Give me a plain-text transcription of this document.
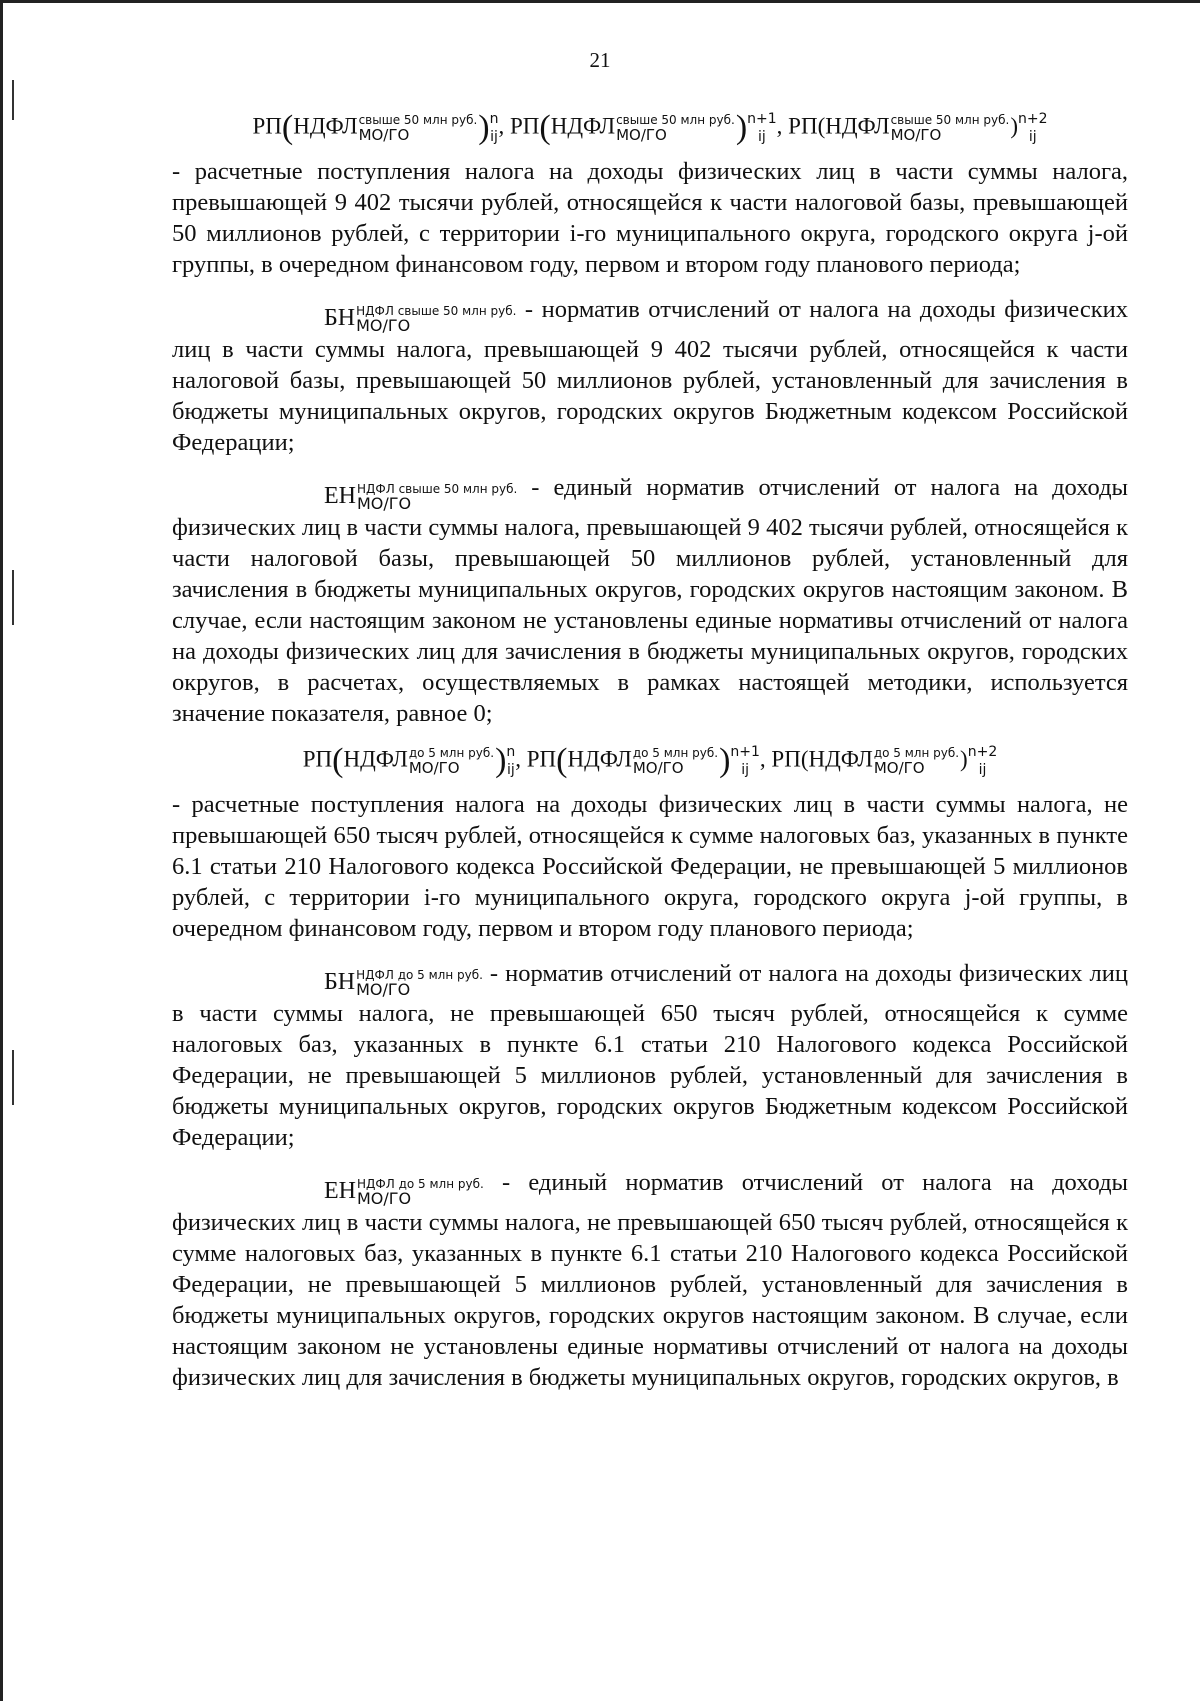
21
РП(НДФЛ свыше 50 млн руб.
МО/ГО	) n
ij , РП(НДФЛ свыше 50 млн руб.
МО/ГО	) n+1
ij , РП(НДФЛ свыше 50 млн руб.
МО/ГО	) n+2
ij

- расчетные поступления налога на доходы физических лиц в части суммы налога, превышающей 9 402 тысячи рублей, относящейся к части налоговой базы, превышающей 50 миллионов рублей, с территории i-го муниципального округа, городского округа j-ой группы, в очередном финансовом году, первом и втором году планового периода;

БН НДФЛ свыше 50 млн руб.
МО/ГО
- норматив отчислений от налога на доходы физических лиц в части суммы налога, превышающей 9 402 тысячи рублей, относящейся к части налоговой базы, превышающей 50 миллионов рублей, установленный для зачисления в бюджеты муниципальных округов, городских округов Бюджетным кодексом Российской Федерации;

ЕН НДФЛ свыше 50 млн руб.
МО/ГО
- единый норматив отчислений от налога на доходы физических лиц в части суммы налога, превышающей 9 402 тысячи рублей, относящейся к части налоговой базы, превышающей 50 миллионов рублей, установленный для зачисления в бюджеты муниципальных округов, городских округов настоящим законом. В случае, если настоящим законом не установлены единые нормативы отчислений от налога на доходы физических лиц для зачисления в бюджеты муниципальных округов, городских округов, в расчетах, осуществляемых в рамках настоящей методики, используется значение показателя, равное 0;

РП(НДФЛ до 5 млн руб.
МО/ГО	) n
ij , РП(НДФЛ до 5 млн руб.
МО/ГО	) n+1
ij , РП(НДФЛ до 5 млн руб.
МО/ГО	) n+2
ij

- расчетные поступления налога на доходы физических лиц в части суммы налога, не превышающей 650 тысяч рублей, относящейся к сумме налоговых баз, указанных в пункте 6.1 статьи 210 Налогового кодекса Российской Федерации, не превышающей 5 миллионов рублей, с территории i-го муниципального округа, городского округа j-ой группы, в очередном финансовом году, первом и втором году планового периода;

БН НДФЛ до 5 млн руб.
МО/ГО
- норматив отчислений от налога на доходы физических лиц в части суммы налога, не превышающей 650 тысяч рублей, относящейся к сумме налоговых баз, указанных в пункте 6.1 статьи 210 Налогового кодекса Российской Федерации, не превышающей 5 миллионов рублей, установленный для зачисления в бюджеты муниципальных округов, городских округов Бюджетным кодексом Российской Федерации;

ЕН НДФЛ до 5 млн руб.
МО/ГО
- единый норматив отчислений от налога на доходы физических лиц в части суммы налога, не превышающей 650 тысяч рублей, относящейся к сумме налоговых баз, указанных в пункте 6.1 статьи 210 Налогового кодекса Российской Федерации, не превышающей 5 миллионов рублей, установленный для зачисления в бюджеты муниципальных округов, городских округов настоящим законом. В случае, если настоящим законом не установлены единые нормативы отчислений от налога на доходы физических лиц для зачисления в бюджеты муниципальных округов, городских округов, в
